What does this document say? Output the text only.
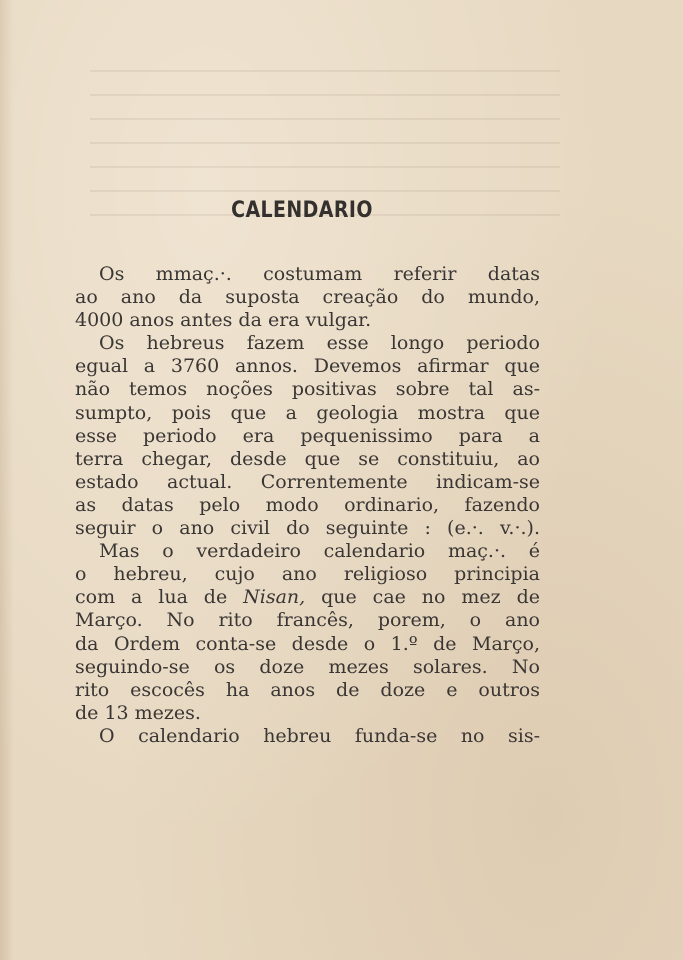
CALENDARIO
Os mmaç.·. costumam referir datas
ao ano da suposta creação do mundo,
4000 anos antes da era vulgar.
Os hebreus fazem esse longo periodo
egual a 3760 annos. Devemos afirmar que
não temos noções positivas sobre tal as-
sumpto, pois que a geologia mostra que
esse periodo era pequenissimo para a
terra chegar, desde que se constituiu, ao
estado actual. Correntemente indicam-se
as datas pelo modo ordinario, fazendo
seguir o ano civil do seguinte : (e.·. v.·.).
Mas o verdadeiro calendario maç.·. é
o hebreu, cujo ano religioso principia
com a lua de Nisan, que cae no mez de
Março. No rito francês, porem, o ano
da Ordem conta-se desde o 1.º de Março,
seguindo-se os doze mezes solares. No
rito escocês ha anos de doze e outros
de 13 mezes.
O calendario hebreu funda-se no sis-
